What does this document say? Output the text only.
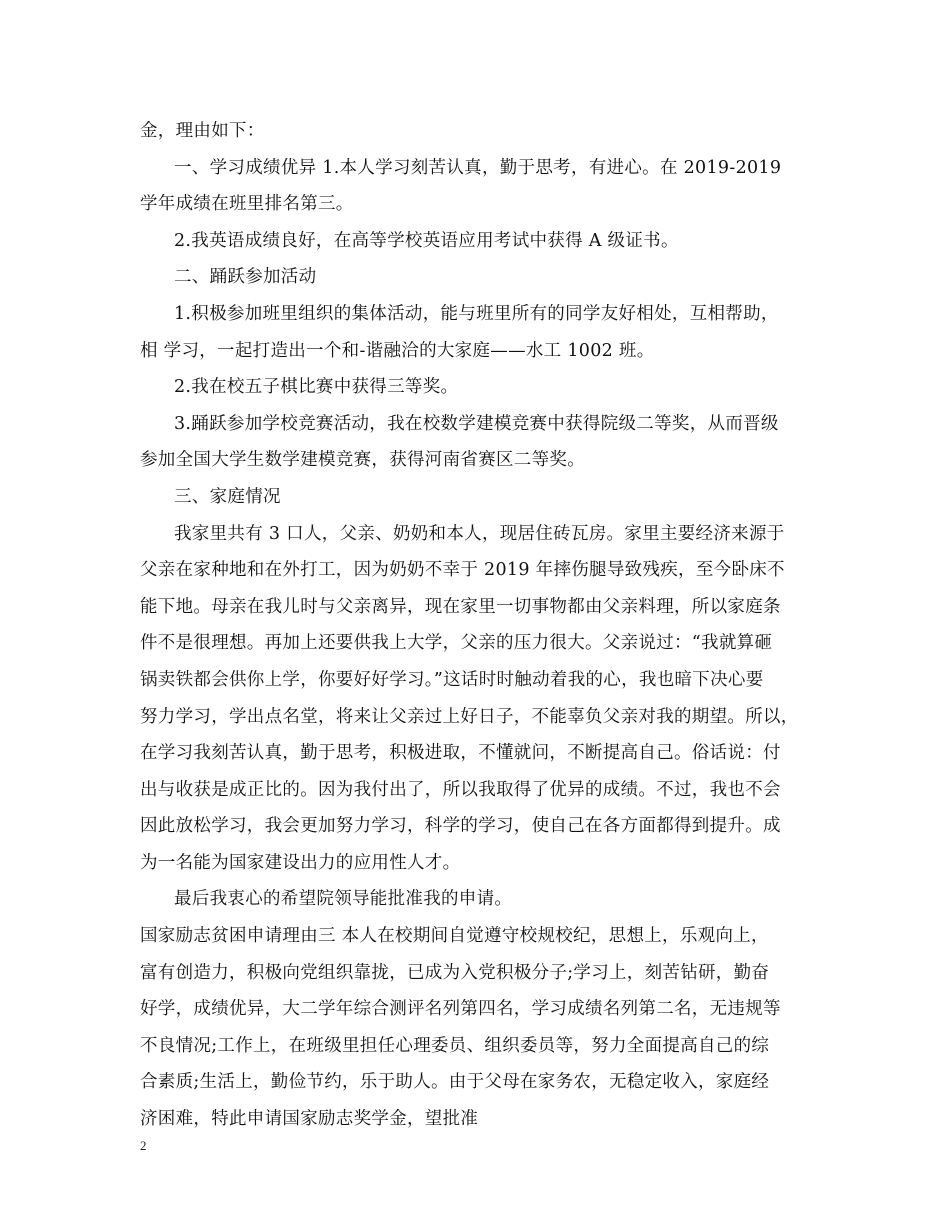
金，理由如下：
一、学习成绩优异 1.本人学习刻苦认真，勤于思考，有进心。在 2019-2019
学年成绩在班里排名第三。
2.我英语成绩良好，在高等学校英语应用考试中获得 A 级证书。
二、踊跃参加活动
1.积极参加班里组织的集体活动，能与班里所有的同学友好相处，互相帮助，
相 学习，一起打造出一个和-谐融洽的大家庭——水工 1002 班。
2.我在校五子棋比赛中获得三等奖。
3.踊跃参加学校竞赛活动，我在校数学建模竞赛中获得院级二等奖，从而晋级
参加全国大学生数学建模竞赛，获得河南省赛区二等奖。
三、家庭情况
我家里共有 3 口人，父亲、奶奶和本人，现居住砖瓦房。家里主要经济来源于
父亲在家种地和在外打工，因为奶奶不幸于 2019 年摔伤腿导致残疾，至今卧床不
能下地。母亲在我儿时与父亲离异，现在家里一切事物都由父亲料理，所以家庭条
件不是很理想。再加上还要供我上大学，父亲的压力很大。父亲说过：“我就算砸
锅卖铁都会供你上学，你要好好学习。”这话时时触动着我的心，我也暗下决心要
努力学习，学出点名堂，将来让父亲过上好日子，不能辜负父亲对我的期望。所以，
在学习我刻苦认真，勤于思考，积极进取，不懂就问，不断提高自己。俗话说：付
出与收获是成正比的。因为我付出了，所以我取得了优异的成绩。不过，我也不会
因此放松学习，我会更加努力学习，科学的学习，使自己在各方面都得到提升。成
为一名能为国家建设出力的应用性人才。
最后我衷心的希望院领导能批准我的申请。
国家励志贫困申请理由三 本人在校期间自觉遵守校规校纪，思想上，乐观向上，
富有创造力，积极向党组织靠拢，已成为入党积极分子;学习上，刻苦钻研，勤奋
好学，成绩优异，大二学年综合测评名列第四名，学习成绩名列第二名，无违规等
不良情况;工作上，在班级里担任心理委员、组织委员等，努力全面提高自己的综
合素质;生活上，勤俭节约，乐于助人。由于父母在家务农，无稳定收入，家庭经
济困难，特此申请国家励志奖学金，望批准
2
